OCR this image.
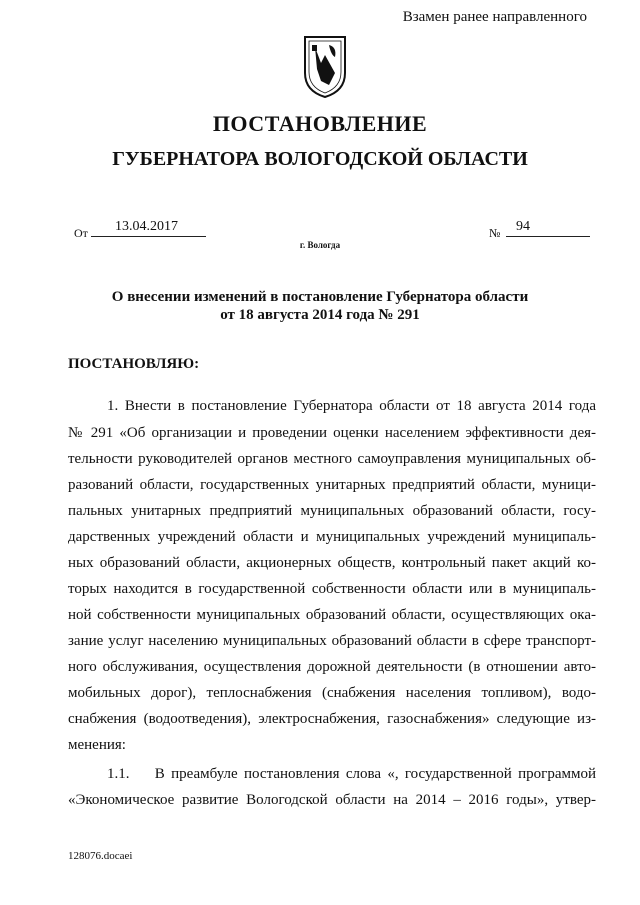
Взамен ранее направленного
ПОСТАНОВЛЕНИЕ
ГУБЕРНАТОРА ВОЛОГОДСКОЙ ОБЛАСТИ
От	13.04.2017	№	94
г. Вологда
О внесении изменений в постановление Губернатора области
от 18 августа 2014 года № 291
ПОСТАНОВЛЯЮ:
1. Внести в постановление Губернатора области от 18 августа 2014 года
№ 291 «Об организации и проведении оценки населением эффективности дея-
тельности руководителей органов местного самоуправления муниципальных об-
разований области, государственных унитарных предприятий области, муници-
пальных унитарных предприятий муниципальных образований области, госу-
дарственных учреждений области и муниципальных учреждений муниципаль-
ных образований области, акционерных обществ, контрольный пакет акций ко-
торых находится в государственной собственности области или в муниципаль-
ной собственности муниципальных образований области, осуществляющих ока-
зание услуг населению муниципальных образований области в сфере транспорт-
ного обслуживания, осуществления дорожной деятельности (в отношении авто-
мобильных дорог), теплоснабжения (снабжения населения топливом), водо-
снабжения (водоотведения), электроснабжения, газоснабжения» следующие из-
менения:
1.1.    В преамбуле постановления слова «, государственной программой
«Экономическое развитие Вологодской области на 2014 – 2016 годы», утвер-
128076.docaei
